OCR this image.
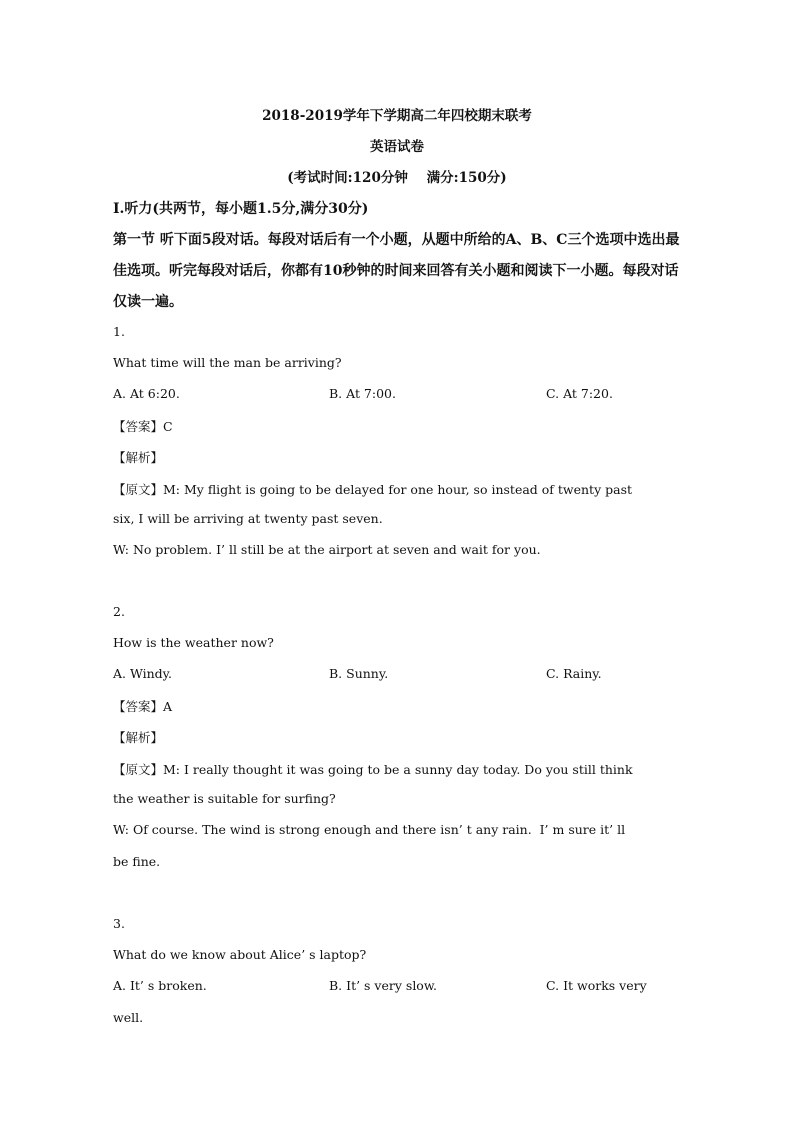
2018-2019学年下学期高二年四校期末联考
英语试卷
(考试时间:120分钟    满分:150分)
I.听力(共两节，每小题1.5分,满分30分)
第一节 听下面5段对话。每段对话后有一个小题，从题中所给的A、B、C三个选项中选出最
佳选项。听完每段对话后，你都有10秒钟的时间来回答有关小题和阅读下一小题。每段对话
仅读一遍。
1.
What time will the man be arriving?
A. At 6:20.	B. At 7:00.	C. At 7:20.
【答案】C
【解析】
【原文】M: My flight is going to be delayed for one hour, so instead of twenty past
six, I will be arriving at twenty past seven.
W: No problem. I’ ll still be at the airport at seven and wait for you.
2.
How is the weather now?
A. Windy.	B. Sunny.	C. Rainy.
【答案】A
【解析】
【原文】M: I really thought it was going to be a sunny day today. Do you still think
the weather is suitable for surfing?
W: Of course. The wind is strong enough and there isn’ t any rain.  I’ m sure it’ ll
be fine.
3.
What do we know about Alice’ s laptop?
A. It’ s broken.	B. It’ s very slow.	C. It works very
well.
